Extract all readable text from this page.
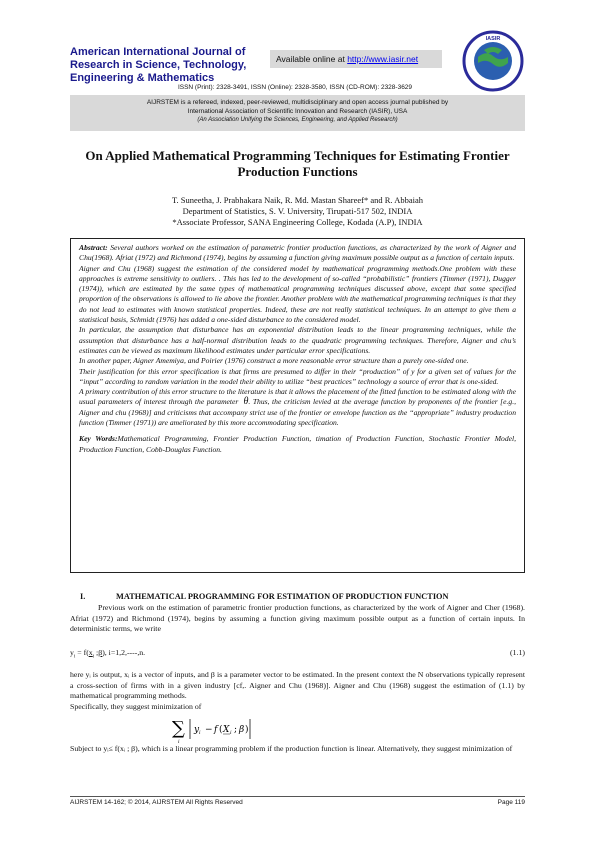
American International Journal of Research in Science, Technology, Engineering & Mathematics
Available online at http://www.iasir.net
IASIR
ISSN (Print): 2328-3491, ISSN (Online): 2328-3580, ISSN (CD-ROM): 2328-3629
AIJRSTEM is a refereed, indexed, peer-reviewed, multidisciplinary and open access journal published by
International Association of Scientific Innovation and Research (IASIR), USA
(An Association Unifying the Sciences, Engineering, and Applied Research)
On Applied Mathematical Programming Techniques for Estimating Frontier Production Functions
T. Suneetha, J. Prabhakara Naik, R. Md. Mastan Shareef* and R. Abbaiah
Department of Statistics, S. V. University, Tirupati-517 502, INDIA
*Associate Professor, SANA Engineering College, Kodada (A.P), INDIA

Abstract: Several authors worked on the estimation of parametric frontier production functions, as characterized by the work of Aigner and Chu(1968). Afriat (1972) and Richmond (1974), begins by assuming a function giving maximum possible output as a function of certain inputs.

Aigner and Chu (1968) suggest the estimation of the considered model by mathematical programming methods.One problem with these approaches is extreme sensitivity to outliers. . This has led to the development of so-called “probabilistic” frontiers (Timmer (1971), Dugger (1974)), which are estimated by the same types of mathematical programming techniques discussed above, except that some specified proportion of the observations is allowed to lie above the frontier. Another problem with the mathematical programming techniques is that they do not lead to estimates with known statistical properties. Indeed, these are not really statistical techniques. In an attempt to give them a statistical basis, Schmidt (1976) has added a one-sided disturbance to the considered model.

In particular, the assumption that disturbance has an exponential distribution leads to the linear programming techniques, while the assumption that disturbance has a half-normal distribution leads to the quadratic programming techniques. Therefore, Aigner and chu’s estimates can be viewed as maximum likelihood estimates under particular error specifications.

In another paper, Aigner Amemiya, and Poirier (1976) construct a more reasonable error structure than a purely one-sided one.

Their justification for this error specification is that firms are presumed to differ in their “production” of y for a given set of values for the “input” according to random variation in the model their ability to utilize “best practices” technology a source of error that is one-sided.

A primary contribution of this error structure to the literature is that it allows the placement of the fitted function to be estimated along with the usual parameters of interest through the parameter θ. Thus, the criticism levied at the average function by proponents of the frontier [e.g., Aigner and chu (1968)] and criticisms that accompany strict use of the frontier or envelope function as the “appropriate” industry production function (Timmer (1971)) are ameliorated by this more accommodating specification.

Key Words:Mathematical Programming, Frontier Production Function, timation of Production Function, Stochastic Frontier Model, Production Function, Cobb-Douglas Function.

I.	MATHEMATICAL PROGRAMMING FOR ESTIMATION OF PRODUCTION FUNCTION

Previous work on the estimation of parametric frontier production functions, as characterized by the work of Aigner and Cher (1968). Afriat (1972) and Richmond (1974), begins by assuming a function giving maximum possible output as a function of certain inputs. In deterministic terms, we write

$y_i = f(x_i$ ;β), i=1,2,----,n.	(1.1)

here yᵢ is output, xᵢ is a vector of inputs, and β is a parameter vector to be estimated. In the present context the N observations typically represent a cross-section of firms with in a given industry [cf,. Aigner and Chu (1968)]. Aigner and Chu (1968) suggest the estimation of (1.1) by mathematical programming methods.

Specifically, they suggest minimization of

∑
i
y i − f ( X i ; β )

Subject to yᵢ≤ f(xᵢ ; β), which is a linear programming problem if the production function is linear. Alternatively, they suggest minimization of

AIJRSTEM 14-162; © 2014, AIJRSTEM All Rights Reserved	Page 119
